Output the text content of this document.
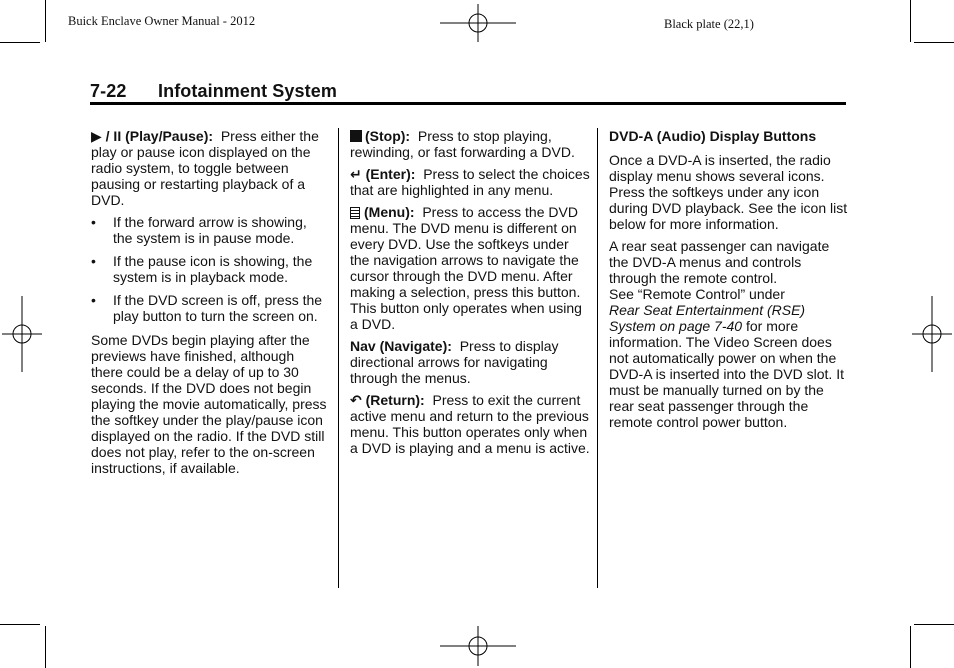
Buick Enclave Owner Manual - 2012	Black plate (22,1)
7-22 Infotainment System

▶ / II (Play/Pause): Press either the play or pause icon displayed on the radio system, to toggle between pausing or restarting playback of a DVD.

• If the forward arrow is showing, the system is in pause mode.
• If the pause icon is showing, the system is in playback mode.
• If the DVD screen is off, press the play button to turn the screen on.

Some DVDs begin playing after the previews have finished, although there could be a delay of up to 30 seconds. If the DVD does not begin playing the movie automatically, press the softkey under the play/pause icon displayed on the radio. If the DVD still does not play, refer to the on-screen instructions, if available.

(Stop): Press to stop playing, rewinding, or fast forwarding a DVD.

↵ (Enter): Press to select the choices that are highlighted in any menu.

(Menu): Press to access the DVD menu. The DVD menu is different on every DVD. Use the softkeys under the navigation arrows to navigate the cursor through the DVD menu. After making a selection, press this button. This button only operates when using a DVD.

Nav (Navigate): Press to display directional arrows for navigating through the menus.

↶ (Return): Press to exit the current active menu and return to the previous menu. This button operates only when a DVD is playing and a menu is active.

DVD-A (Audio) Display Buttons

Once a DVD-A is inserted, the radio display menu shows several icons. Press the softkeys under any icon during DVD playback. See the icon list below for more information.

A rear seat passenger can navigate the DVD-A menus and controls through the remote control.
See “Remote Control” under
Rear Seat Entertainment (RSE) System on page 7-40 for more information. The Video Screen does not automatically power on when the DVD-A is inserted into the DVD slot. It must be manually turned on by the rear seat passenger through the remote control power button.
